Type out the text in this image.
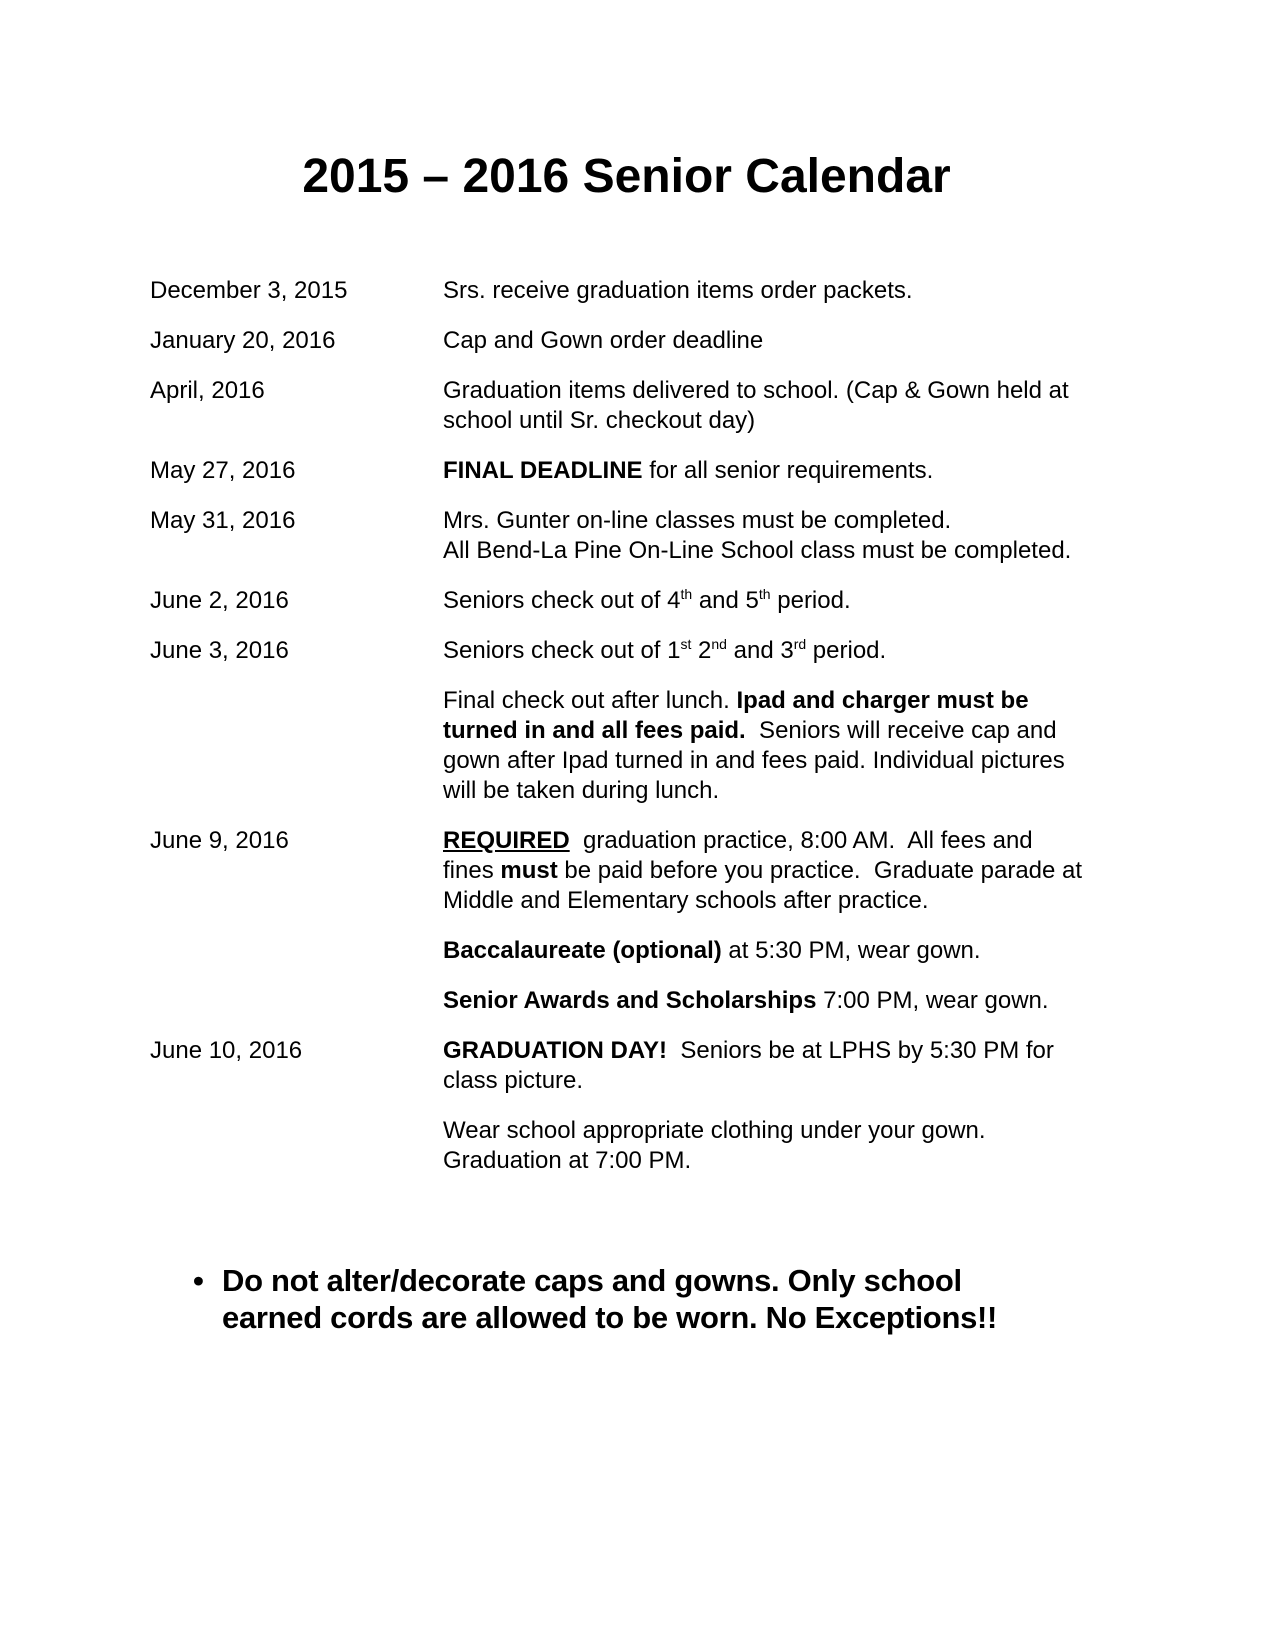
2015 – 2016 Senior Calendar
December 3, 2015	Srs. receive graduation items order packets.
January 20, 2016	Cap and Gown order deadline
April, 2016	Graduation items delivered to school. (Cap & Gown held at
school until Sr. checkout day)
May 27, 2016	FINAL DEADLINE for all senior requirements.
May 31, 2016	Mrs. Gunter on-line classes must be completed.
All Bend-La Pine On-Line School class must be completed.
June 2, 2016	Seniors check out of 4th and 5th period.
June 3, 2016	Seniors check out of 1st 2nd and 3rd period.
Final check out after lunch. Ipad and charger must be
turned in and all fees paid.  Seniors will receive cap and
gown after Ipad turned in and fees paid. Individual pictures
will be taken during lunch.
June 9, 2016	REQUIRED  graduation practice, 8:00 AM.  All fees and
fines must be paid before you practice.  Graduate parade at
Middle and Elementary schools after practice.
Baccalaureate (optional) at 5:30 PM, wear gown.
Senior Awards and Scholarships 7:00 PM, wear gown.
June 10, 2016	GRADUATION DAY!  Seniors be at LPHS by 5:30 PM for
class picture.
Wear school appropriate clothing under your gown.
Graduation at 7:00 PM.
• Do not alter/decorate caps and gowns. Only school
earned cords are allowed to be worn. No Exceptions!!
